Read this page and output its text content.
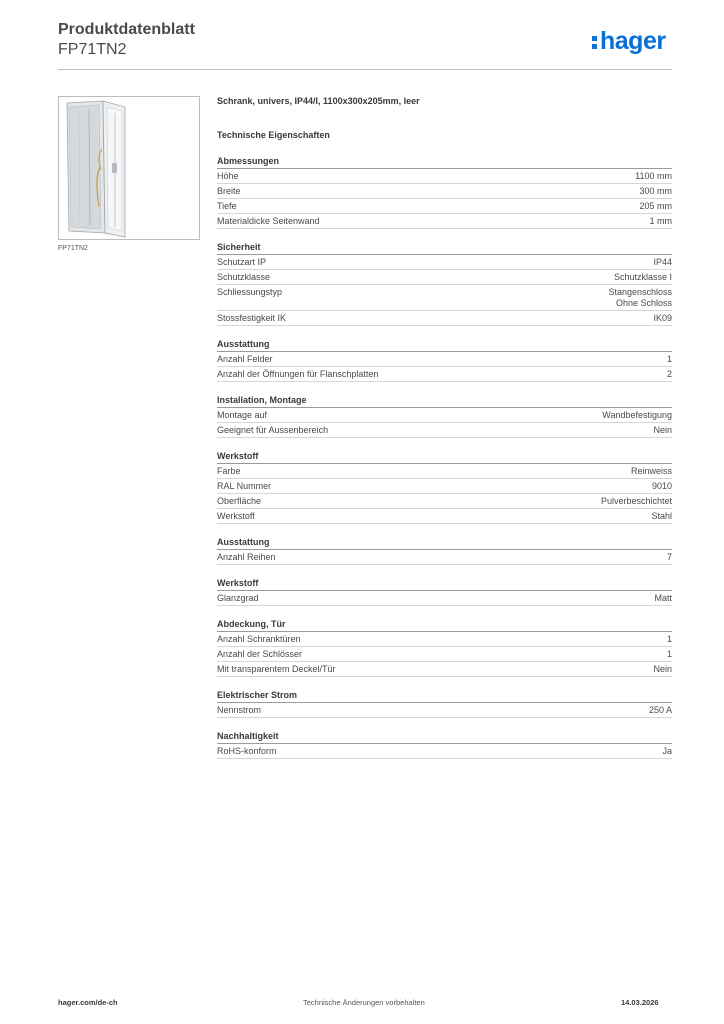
Produktdatenblatt
FP71TN2	hager
FP71TN2
Schrank, univers, IP44/I, 1100x300x205mm, leer
Technische Eigenschaften
Abmessungen
Höhe	1100 mm
Breite	300 mm
Tiefe	205 mm
Materialdicke Seitenwand	1 mm
Sicherheit
Schutzart IP	IP44
Schutzklasse	Schutzklasse I
Schliessungstyp	Stangenschloss
Ohne Schloss
Stossfestigkeit IK	IK09
Ausstattung
Anzahl Felder	1
Anzahl der Öffnungen für Flanschplatten	2
Installation, Montage
Montage auf	Wandbefestigung
Geeignet für Aussenbereich	Nein
Werkstoff
Farbe	Reinweiss
RAL Nummer	9010
Oberfläche	Pulverbeschichtet
Werkstoff	Stahl
Ausstattung
Anzahl Reihen	7
Werkstoff
Glanzgrad	Matt
Abdeckung, Tür
Anzahl Schranktüren	1
Anzahl der Schlösser	1
Mit transparentem Deckel/Tür	Nein
Elektrischer Strom
Nennstrom	250 A
Nachhaltigkeit
RoHS-konform	Ja
hager.com/de-ch	Technische Änderungen vorbehalten	14.03.2026
